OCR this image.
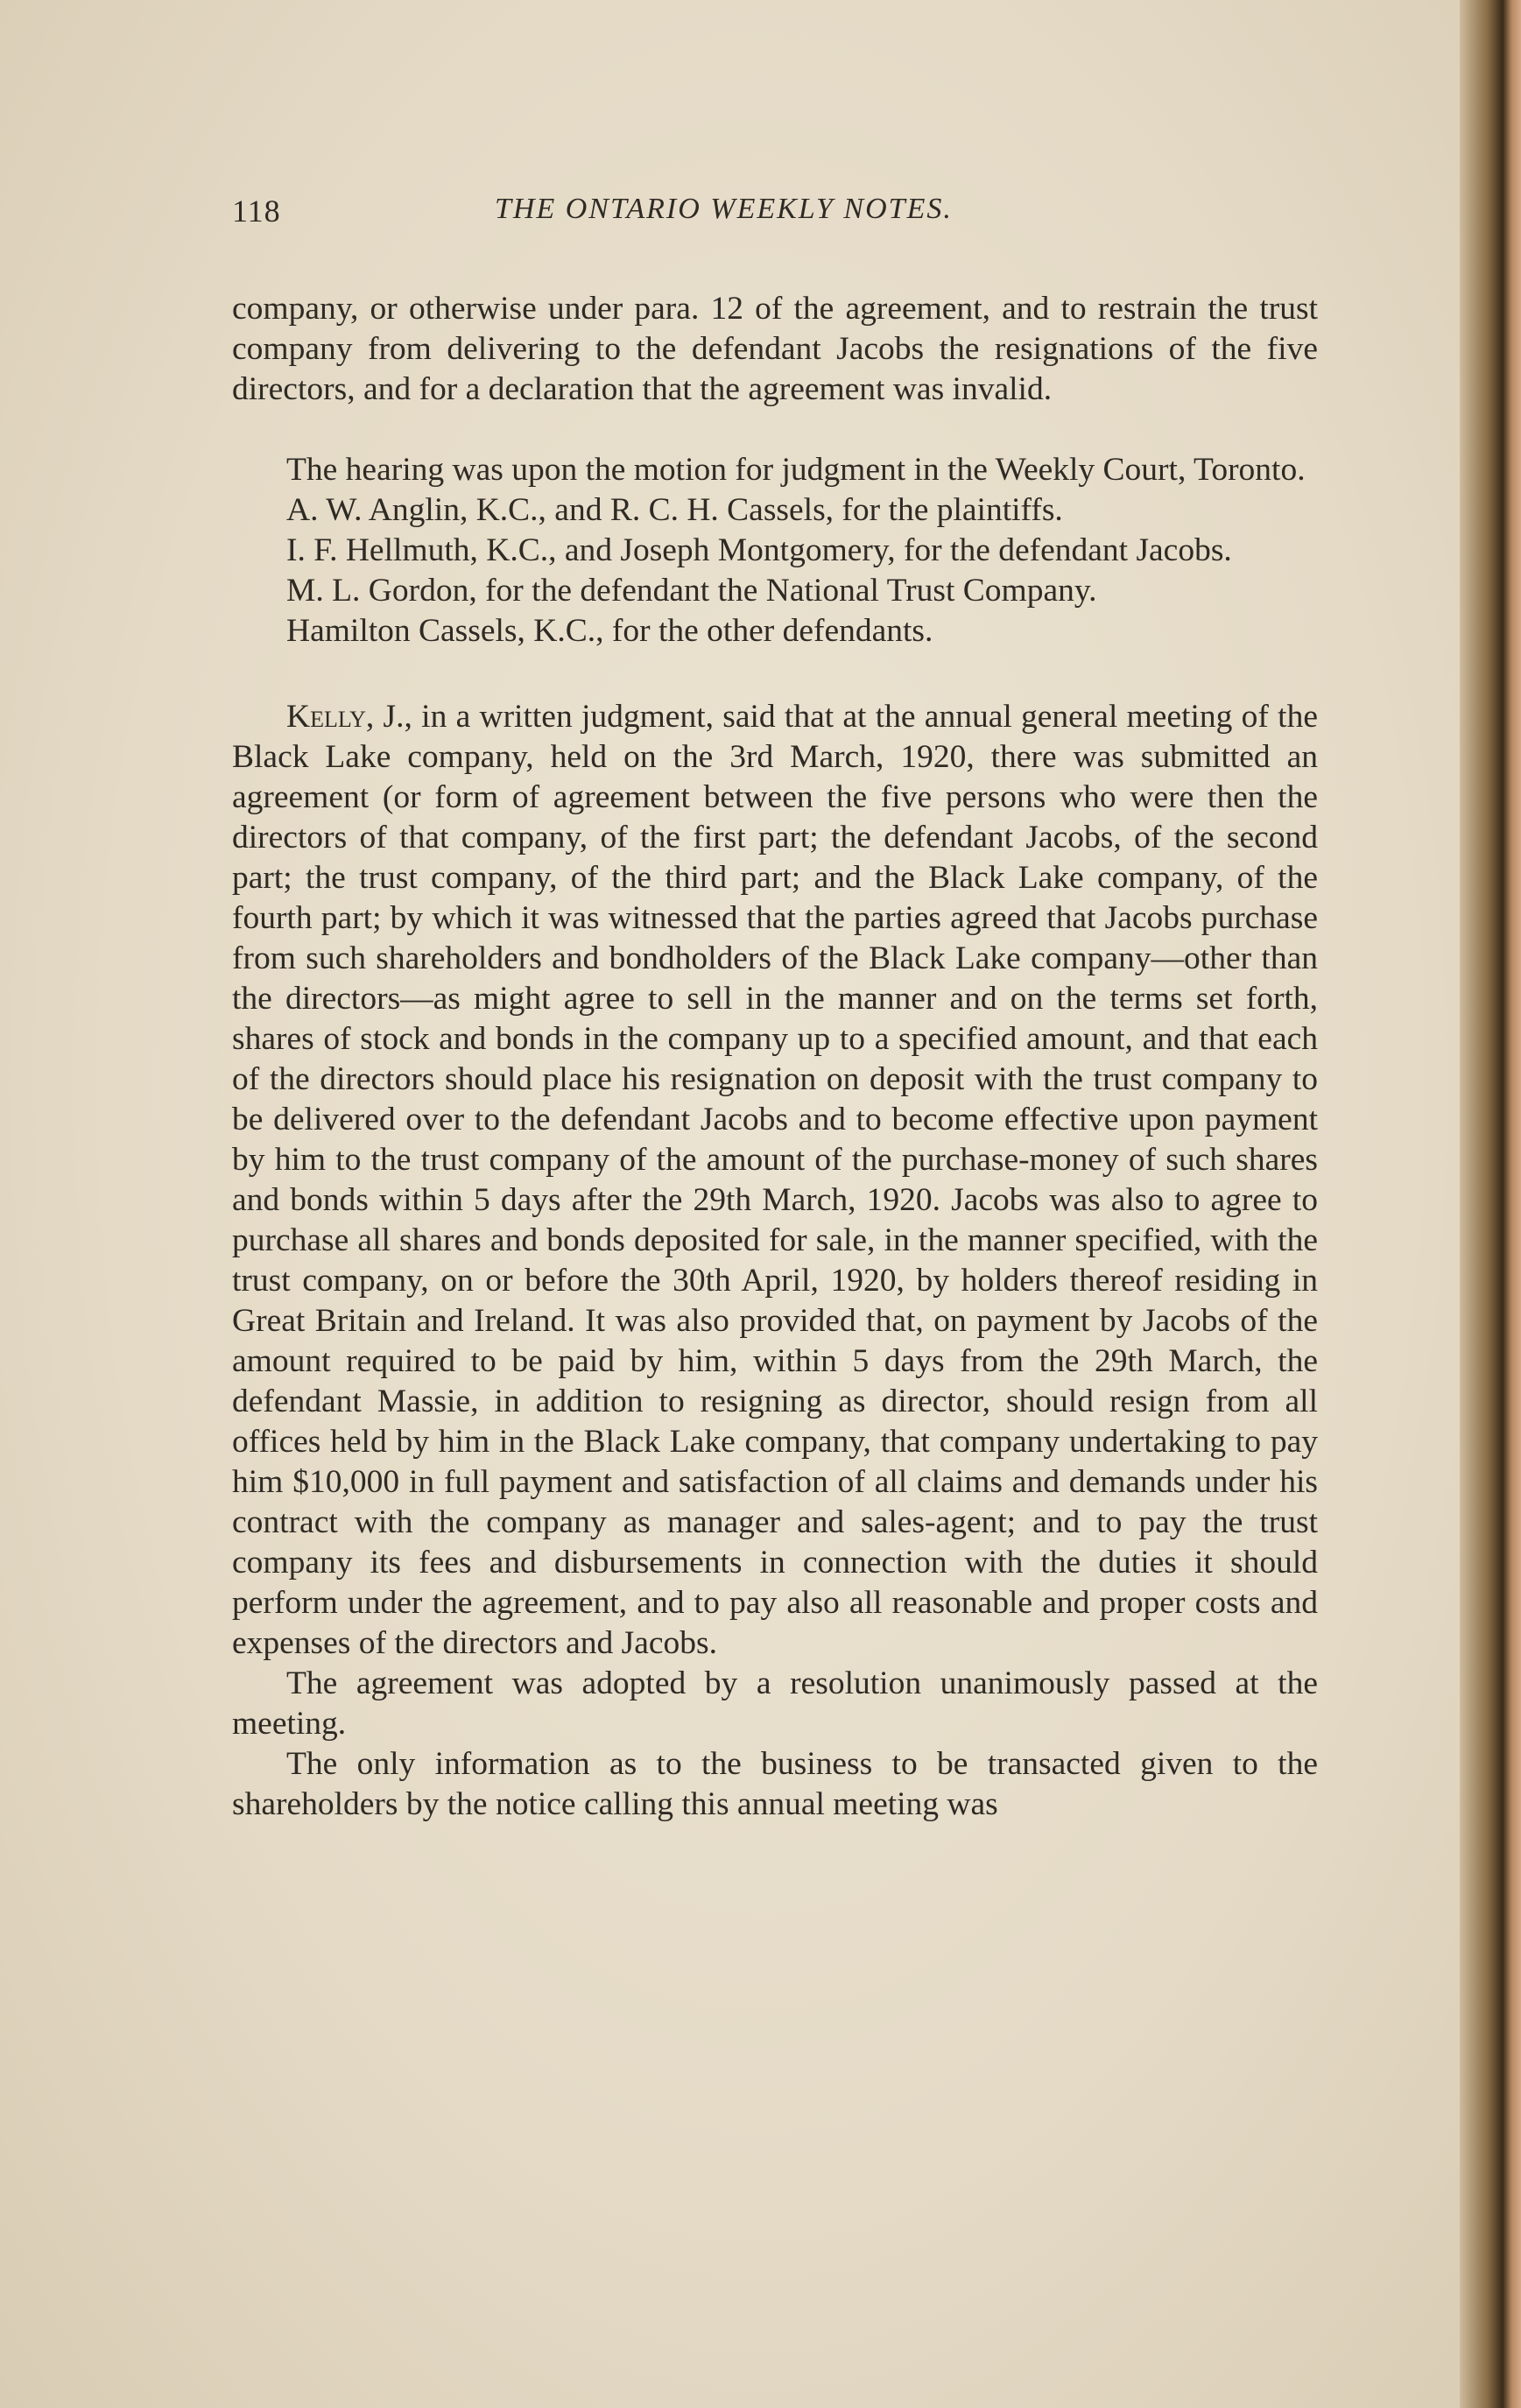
118	THE ONTARIO WEEKLY NOTES.

company, or otherwise under para. 12 of the agreement, and to restrain the trust company from delivering to the defendant Jacobs the resignations of the five directors, and for a declaration that the agreement was invalid.

The hearing was upon the motion for judgment in the Weekly Court, Toronto.

A. W. Anglin, K.C., and R. C. H. Cassels, for the plaintiffs.

I. F. Hellmuth, K.C., and Joseph Montgomery, for the defendant Jacobs.

M. L. Gordon, for the defendant the National Trust Company.

Hamilton Cassels, K.C., for the other defendants.

Kelly, J., in a written judgment, said that at the annual general meeting of the Black Lake company, held on the 3rd March, 1920, there was submitted an agreement (or form of agreement between the five persons who were then the directors of that company, of the first part; the defendant Jacobs, of the second part; the trust company, of the third part; and the Black Lake company, of the fourth part; by which it was witnessed that the parties agreed that Jacobs purchase from such shareholders and bondholders of the Black Lake company—other than the directors—as might agree to sell in the manner and on the terms set forth, shares of stock and bonds in the company up to a specified amount, and that each of the directors should place his resignation on deposit with the trust company to be delivered over to the defendant Jacobs and to become effective upon payment by him to the trust company of the amount of the purchase-money of such shares and bonds within 5 days after the 29th March, 1920. Jacobs was also to agree to purchase all shares and bonds deposited for sale, in the manner specified, with the trust company, on or before the 30th April, 1920, by holders thereof residing in Great Britain and Ireland. It was also provided that, on payment by Jacobs of the amount required to be paid by him, within 5 days from the 29th March, the defendant Massie, in addition to resigning as director, should resign from all offices held by him in the Black Lake company, that company undertaking to pay him $10,000 in full payment and satisfaction of all claims and demands under his contract with the company as manager and sales-agent; and to pay the trust company its fees and disbursements in connection with the duties it should perform under the agreement, and to pay also all reasonable and proper costs and expenses of the directors and Jacobs.

The agreement was adopted by a resolution unanimously passed at the meeting.

The only information as to the business to be transacted given to the shareholders by the notice calling this annual meeting was
